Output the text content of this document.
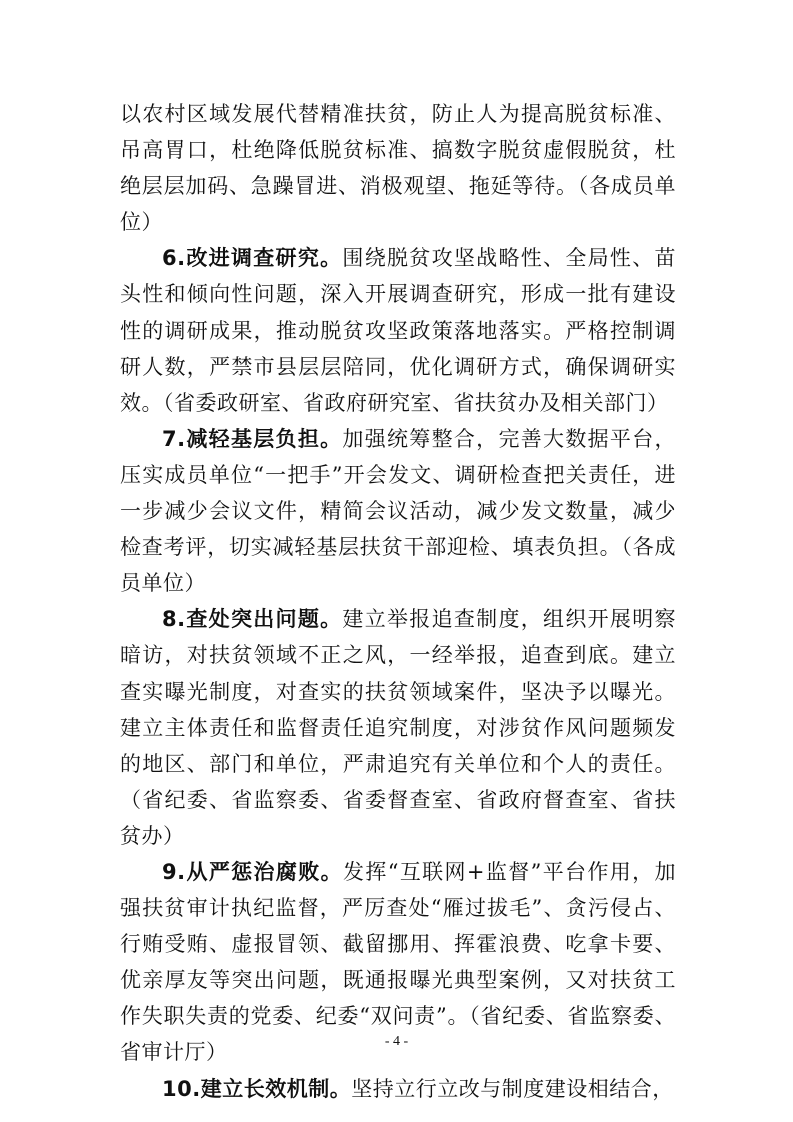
以农村区域发展代替精准扶贫，防止人为提高脱贫标准、吊高胃口，杜绝降低脱贫标准、搞数字脱贫虚假脱贫，杜绝层层加码、急躁冒进、消极观望、拖延等待。（各成员单位）

6.改进调查研究。围绕脱贫攻坚战略性、全局性、苗头性和倾向性问题，深入开展调查研究，形成一批有建设性的调研成果，推动脱贫攻坚政策落地落实。严格控制调研人数，严禁市县层层陪同，优化调研方式，确保调研实效。（省委政研室、省政府研究室、省扶贫办及相关部门）

7.减轻基层负担。加强统筹整合，完善大数据平台，压实成员单位“一把手”开会发文、调研检查把关责任，进一步减少会议文件，精简会议活动，减少发文数量，减少检查考评，切实减轻基层扶贫干部迎检、填表负担。（各成员单位）

8.查处突出问题。建立举报追查制度，组织开展明察暗访，对扶贫领域不正之风，一经举报，追查到底。建立查实曝光制度，对查实的扶贫领域案件，坚决予以曝光。建立主体责任和监督责任追究制度，对涉贫作风问题频发的地区、部门和单位，严肃追究有关单位和个人的责任。（省纪委、省监察委、省委督查室、省政府督查室、省扶贫办）

9.从严惩治腐败。发挥“互联网+监督”平台作用，加强扶贫审计执纪监督，严厉查处“雁过拔毛”、贪污侵占、行贿受贿、虚报冒领、截留挪用、挥霍浪费、吃拿卡要、优亲厚友等突出问题，既通报曝光典型案例，又对扶贫工作失职失责的党委、纪委“双问责”。（省纪委、省监察委、省审计厅）

10.建立长效机制。坚持立行立改与制度建设相结合，

- 4 -
